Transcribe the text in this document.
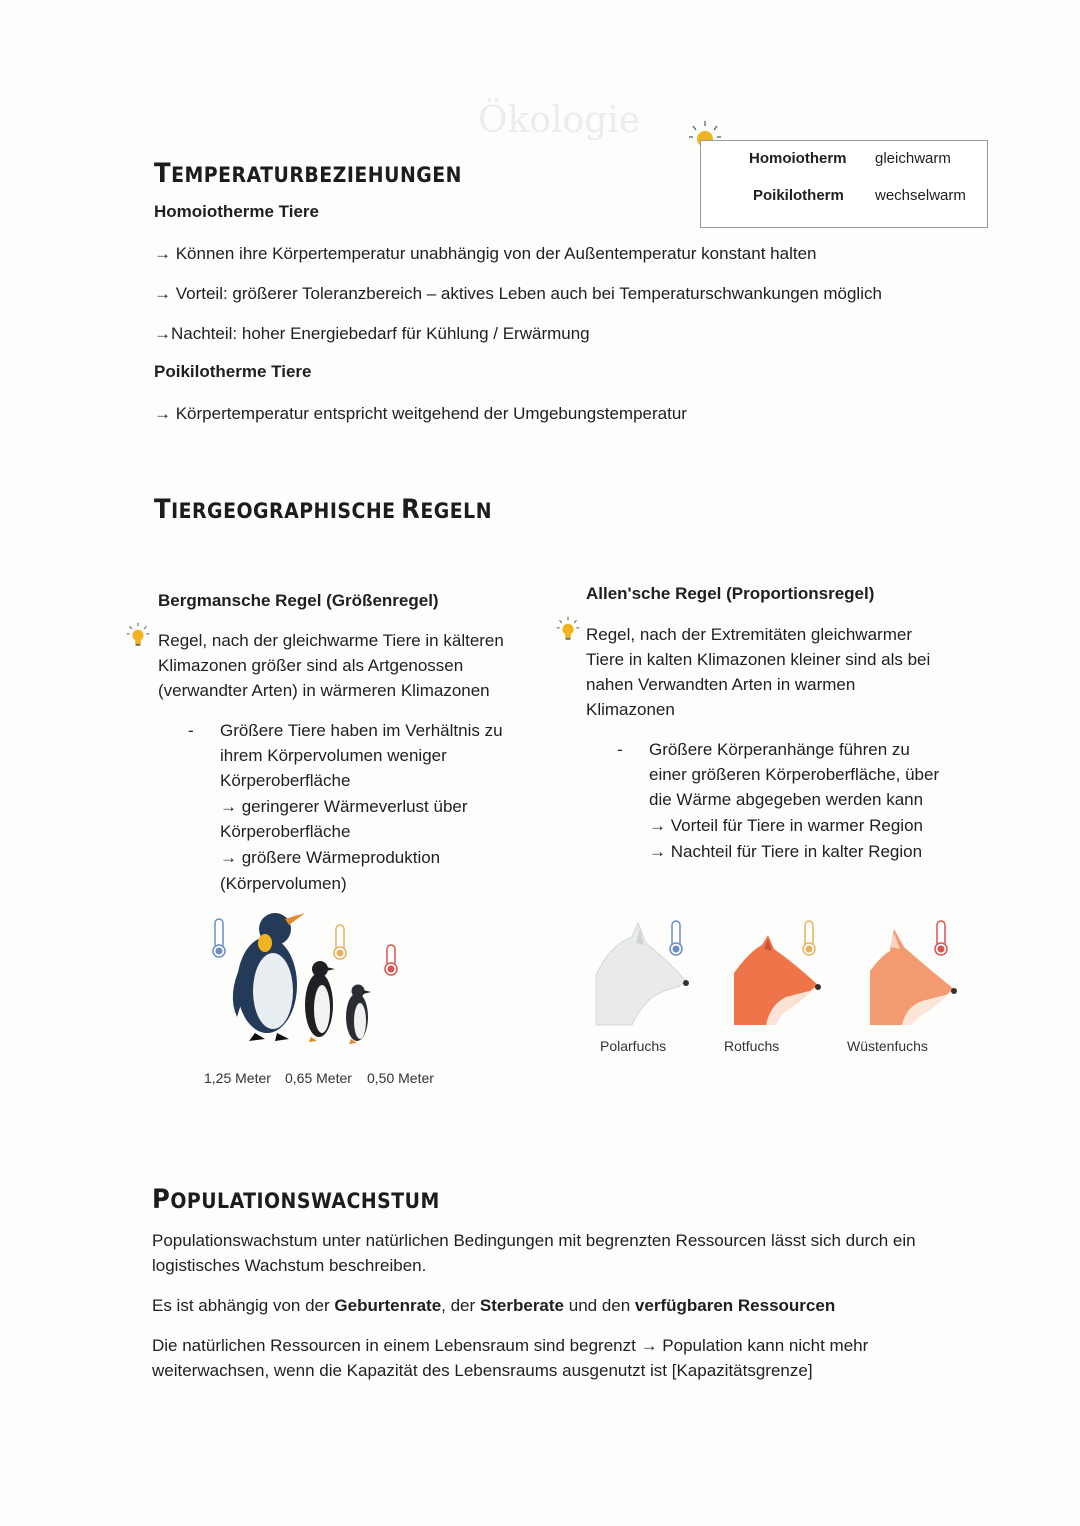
Ökologie
TEMPERATURBEZIEHUNGEN
Homoiotherm gleichwarm
Poikilotherm wechselwarm
Homoiotherme Tiere
→ Können ihre Körpertemperatur unabhängig von der Außentemperatur konstant halten
→ Vorteil: größerer Toleranzbereich – aktives Leben auch bei Temperaturschwankungen möglich
→Nachteil: hoher Energiebedarf für Kühlung / Erwärmung
Poikilotherme Tiere
→ Körpertemperatur entspricht weitgehend der Umgebungstemperatur
TIERGEOGRAPHISCHE REGELN
Bergmansche Regel (Größenregel)
Regel, nach der gleichwarme Tiere in kälteren
Klimazonen größer sind als Artgenossen
(verwandter Arten) in wärmeren Klimazonen
- Größere Tiere haben im Verhältnis zu
ihrem Körpervolumen weniger
Körperoberfläche
→ geringerer Wärmeverlust über
Körperoberfläche
→ größere Wärmeproduktion
(Körpervolumen)
1,25 Meter 0,65 Meter 0,50 Meter
Allen'sche Regel (Proportionsregel)
Regel, nach der Extremitäten gleichwarmer
Tiere in kalten Klimazonen kleiner sind als bei
nahen Verwandten Arten in warmen
Klimazonen
- Größere Körperanhänge führen zu
einer größeren Körperoberfläche, über
die Wärme abgegeben werden kann
→ Vorteil für Tiere in warmer Region
→ Nachteil für Tiere in kalter Region
Polarfuchs	Rotfuchs	Wüstenfuchs
POPULATIONSWACHSTUM
Populationswachstum unter natürlichen Bedingungen mit begrenzten Ressourcen lässt sich durch ein
logistisches Wachstum beschreiben.
Es ist abhängig von der Geburtenrate, der Sterberate und den verfügbaren Ressourcen
Die natürlichen Ressourcen in einem Lebensraum sind begrenzt → Population kann nicht mehr
weiterwachsen, wenn die Kapazität des Lebensraums ausgenutzt ist [Kapazitätsgrenze]
